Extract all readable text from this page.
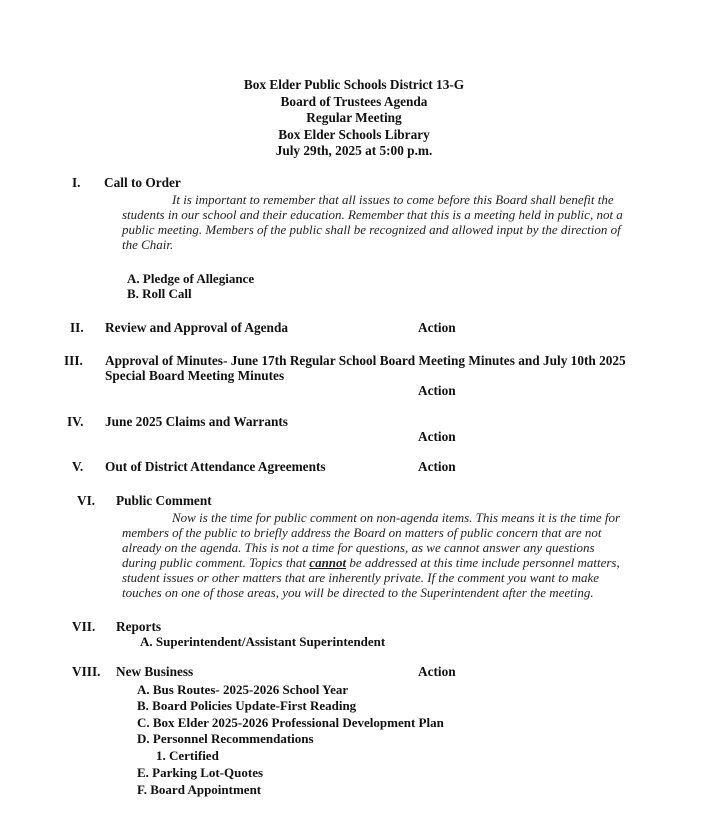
Box Elder Public Schools District 13-G
Board of Trustees Agenda
Regular Meeting
Box Elder Schools Library
July 29th, 2025 at 5:00 p.m.
I. Call to Order
It is important to remember that all issues to come before this Board shall benefit the
students in our school and their education. Remember that this is a meeting held in public, not a
public meeting. Members of the public shall be recognized and allowed input by the direction of
the Chair.
A. Pledge of Allegiance
B. Roll Call
II. Review and Approval of Agenda	Action
III. Approval of Minutes- June 17th Regular School Board Meeting Minutes and July 10th 2025
Special Board Meeting Minutes
Action
IV. June 2025 Claims and Warrants
Action
V. Out of District Attendance Agreements	Action
VI. Public Comment
Now is the time for public comment on non-agenda items. This means it is the time for
members of the public to briefly address the Board on matters of public concern that are not
already on the agenda. This is not a time for questions, as we cannot answer any questions
during public comment. Topics that cannot be addressed at this time include personnel matters,
student issues or other matters that are inherently private. If the comment you want to make
touches on one of those areas, you will be directed to the Superintendent after the meeting.
VII. Reports
A. Superintendent/Assistant Superintendent
VIII. New Business	Action
A. Bus Routes- 2025-2026 School Year
B. Board Policies Update-First Reading
C. Box Elder 2025-2026 Professional Development Plan
D. Personnel Recommendations
1. Certified
E. Parking Lot-Quotes
F. Board Appointment
